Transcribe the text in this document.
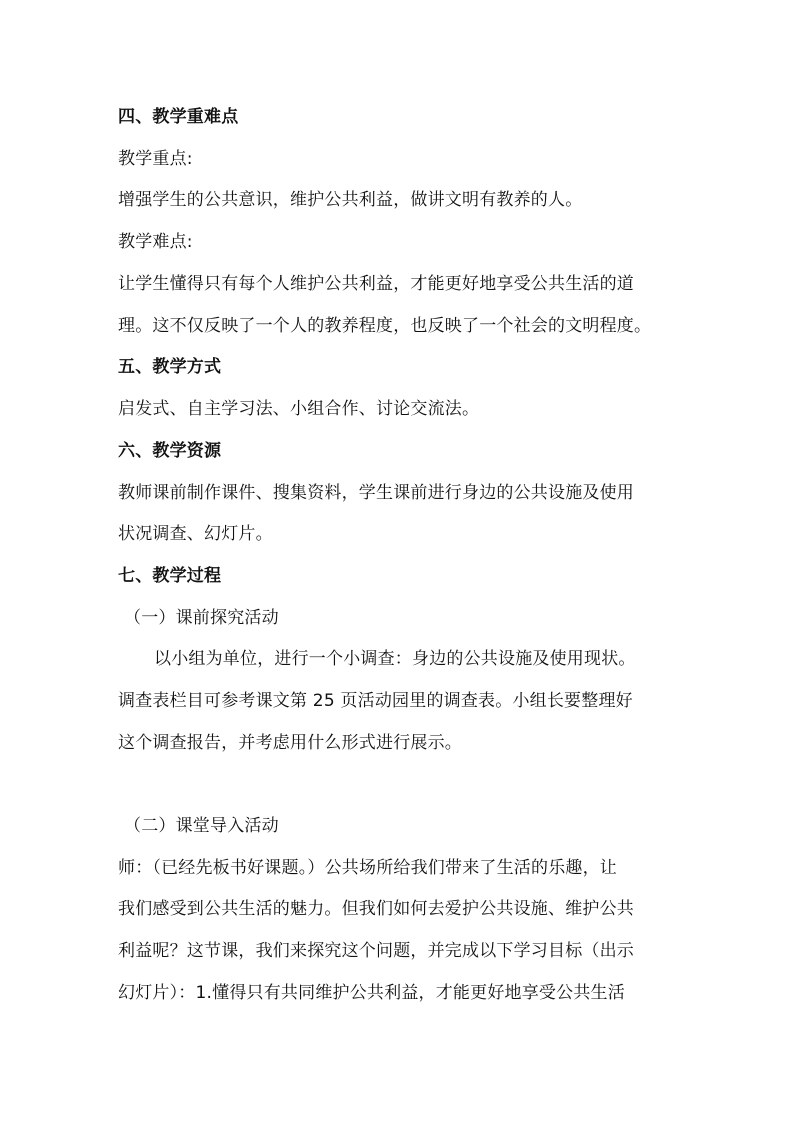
四、教学重难点
教学重点:
增强学生的公共意识，维护公共利益，做讲文明有教养的人。
教学难点:
让学生懂得只有每个人维护公共利益，才能更好地享受公共生活的道
理。这不仅反映了一个人的教养程度，也反映了一个社会的文明程度。
五、教学方式
启发式、自主学习法、小组合作、讨论交流法。
六、教学资源
教师课前制作课件、搜集资料，学生课前进行身边的公共设施及使用
状况调查、幻灯片。
七、教学过程
（一）课前探究活动
以小组为单位，进行一个小调查：身边的公共设施及使用现状。
调查表栏目可参考课文第 25 页活动园里的调查表。小组长要整理好
这个调查报告，并考虑用什么形式进行展示。
（二）课堂导入活动
师：（已经先板书好课题。）公共场所给我们带来了生活的乐趣，让
我们感受到公共生活的魅力。但我们如何去爱护公共设施、维护公共
利益呢？这节课，我们来探究这个问题，并完成以下学习目标（出示
幻灯片）：1.懂得只有共同维护公共利益，才能更好地享受公共生活
